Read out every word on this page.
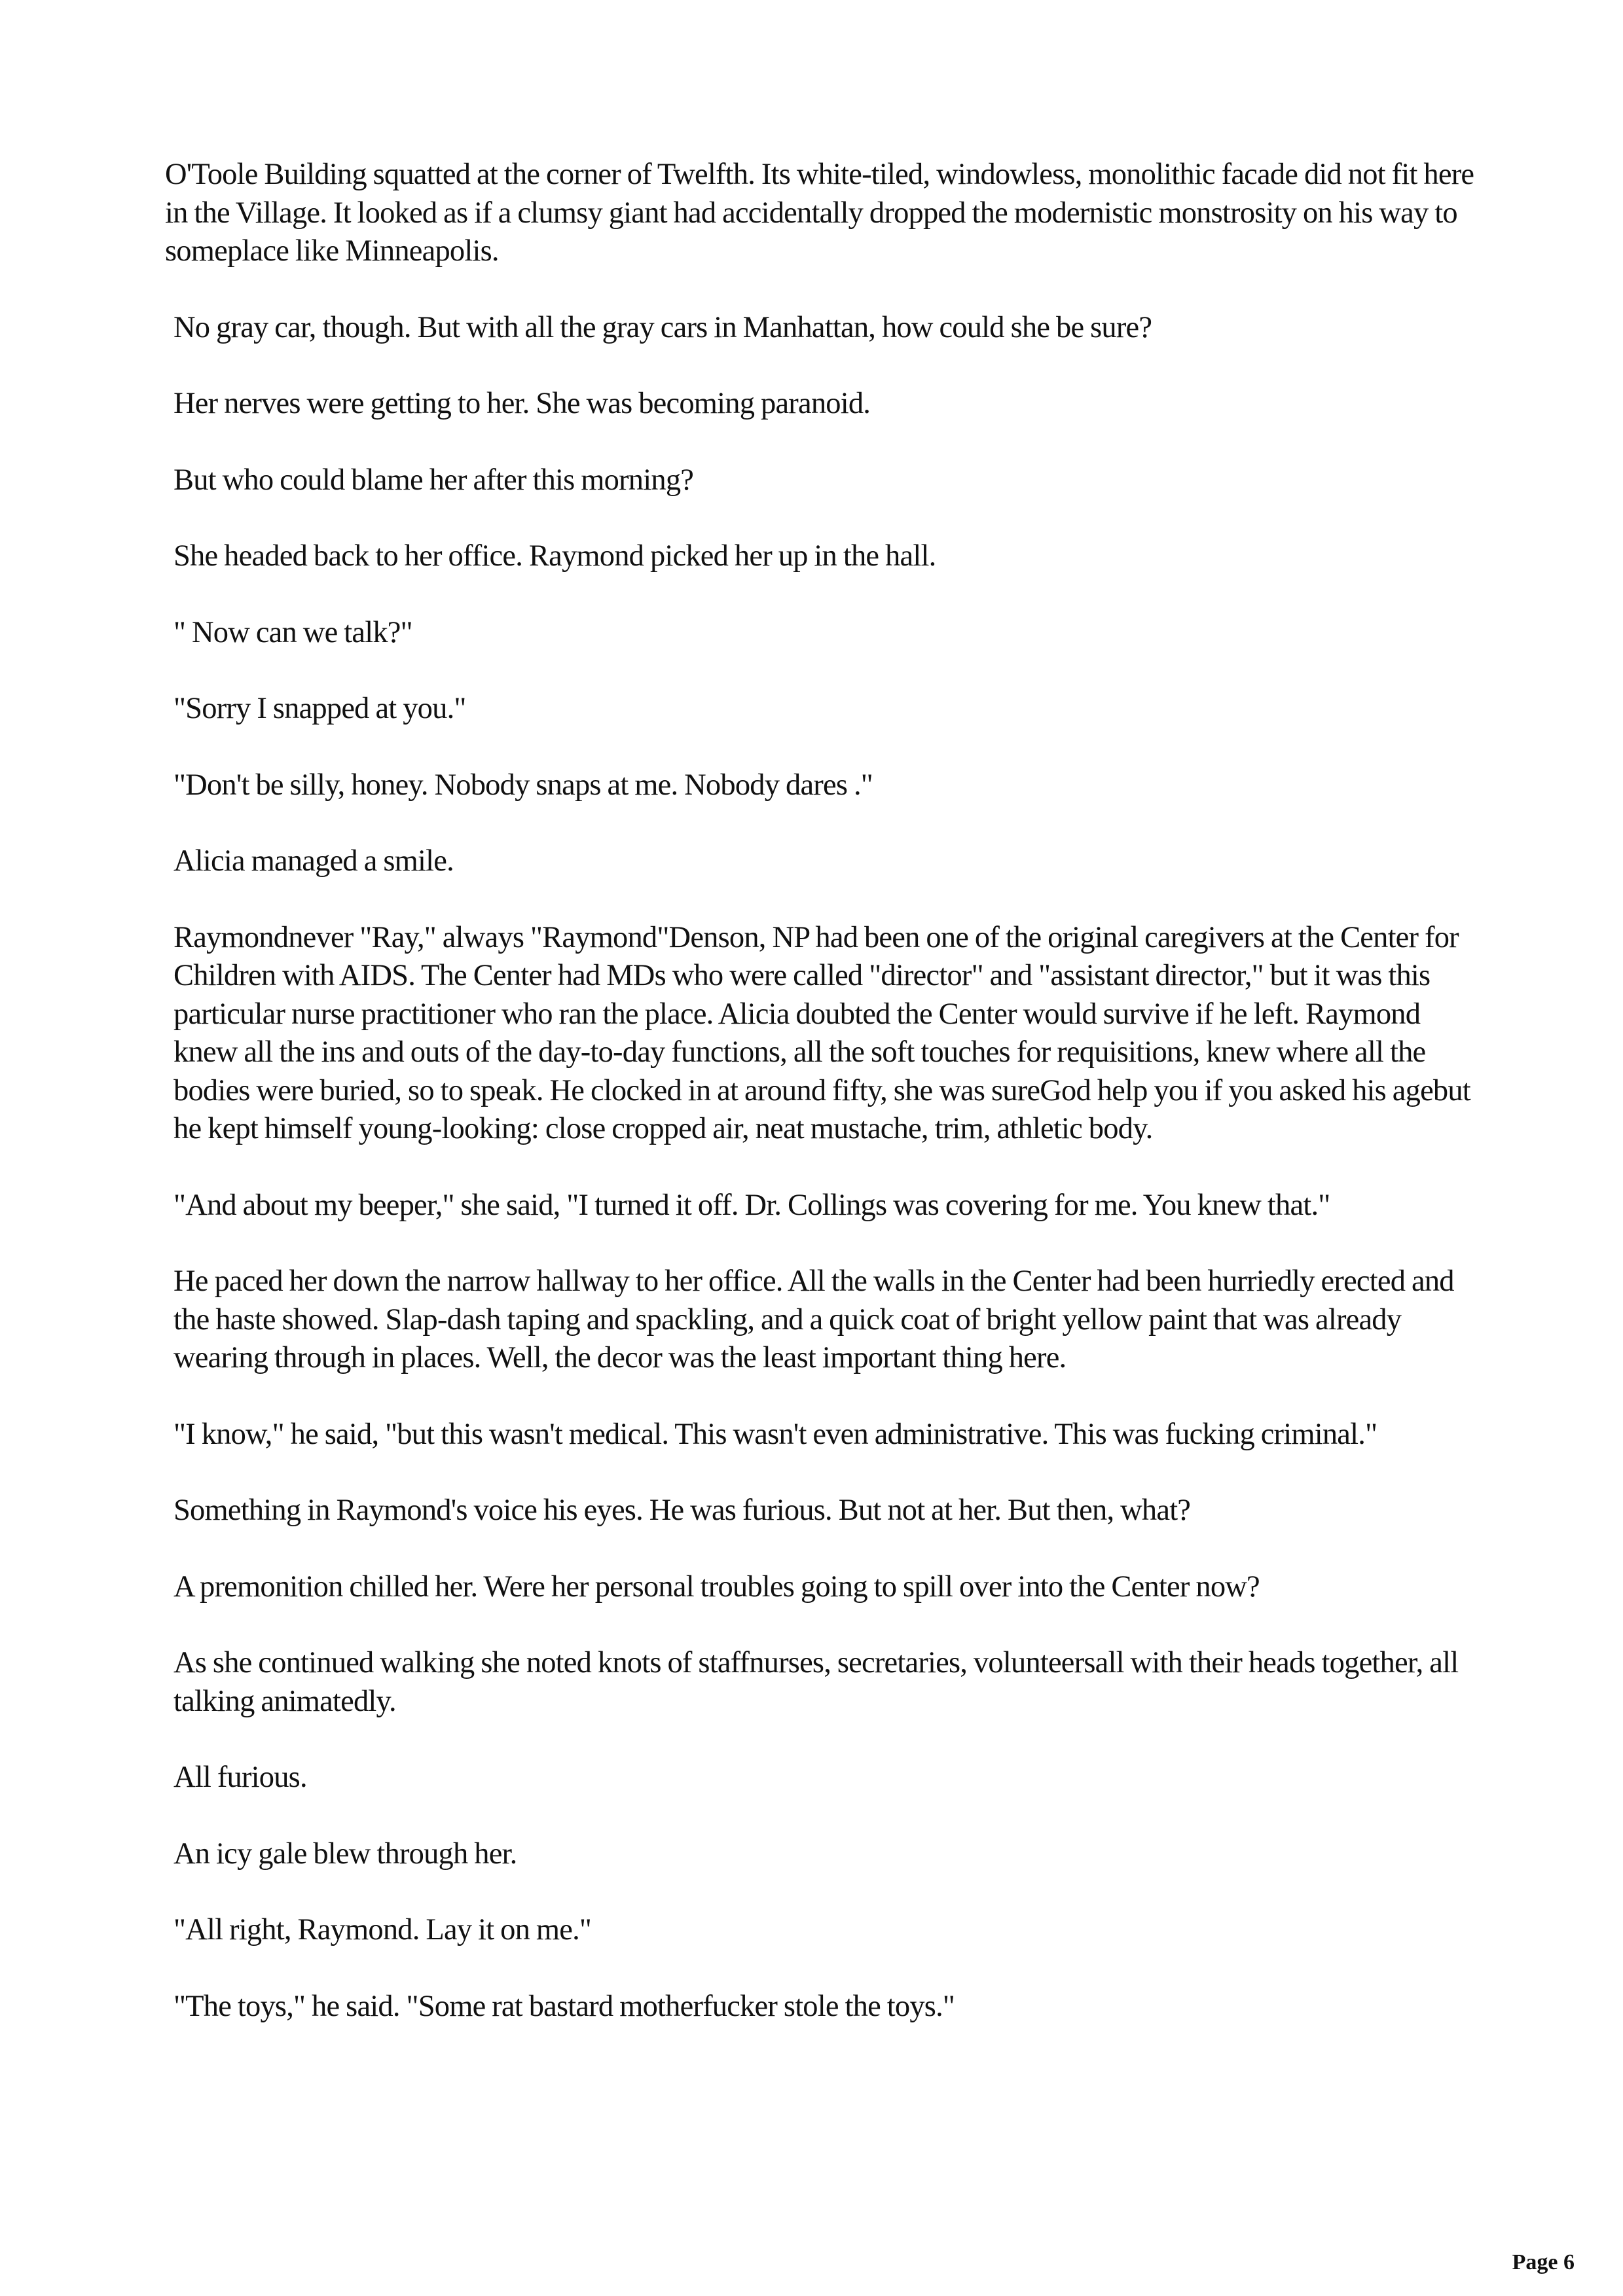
O'Toole Building squatted at the corner of Twelfth. Its white-tiled, windowless, monolithic facade did not fit here in the Village. It looked as if a clumsy giant had accidentally dropped the modernistic monstrosity on his way to someplace like Minneapolis.

No gray car, though. But with all the gray cars in Manhattan, how could she be sure?

Her nerves were getting to her. She was becoming paranoid.

But who could blame her after this morning?

She headed back to her office. Raymond picked her up in the hall.

" Now can we talk?"

"Sorry I snapped at you."

"Don't be silly, honey. Nobody snaps at me. Nobody dares ."

Alicia managed a smile.

Raymondnever "Ray," always "Raymond"Denson, NP had been one of the original caregivers at the Center for Children with AIDS. The Center had MDs who were called "director" and "assistant director," but it was this particular nurse practitioner who ran the place. Alicia doubted the Center would survive if he left. Raymond knew all the ins and outs of the day-to-day functions, all the soft touches for requisitions, knew where all the bodies were buried, so to speak. He clocked in at around fifty, she was sureGod help you if you asked his agebut he kept himself young-looking: close cropped air, neat mustache, trim, athletic body.

"And about my beeper," she said, "I turned it off. Dr. Collings was covering for me. You knew that."

He paced her down the narrow hallway to her office. All the walls in the Center had been hurriedly erected and the haste showed. Slap-dash taping and spackling, and a quick coat of bright yellow paint that was already wearing through in places. Well, the decor was the least important thing here.

"I know," he said, "but this wasn't medical. This wasn't even administrative. This was fucking criminal."

Something in Raymond's voice his eyes. He was furious. But not at her. But then, what?

A premonition chilled her. Were her personal troubles going to spill over into the Center now?

As she continued walking she noted knots of staffnurses, secretaries, volunteersall with their heads together, all talking animatedly.

All furious.

An icy gale blew through her.

"All right, Raymond. Lay it on me."

"The toys," he said. "Some rat bastard motherfucker stole the toys."

Page 6
